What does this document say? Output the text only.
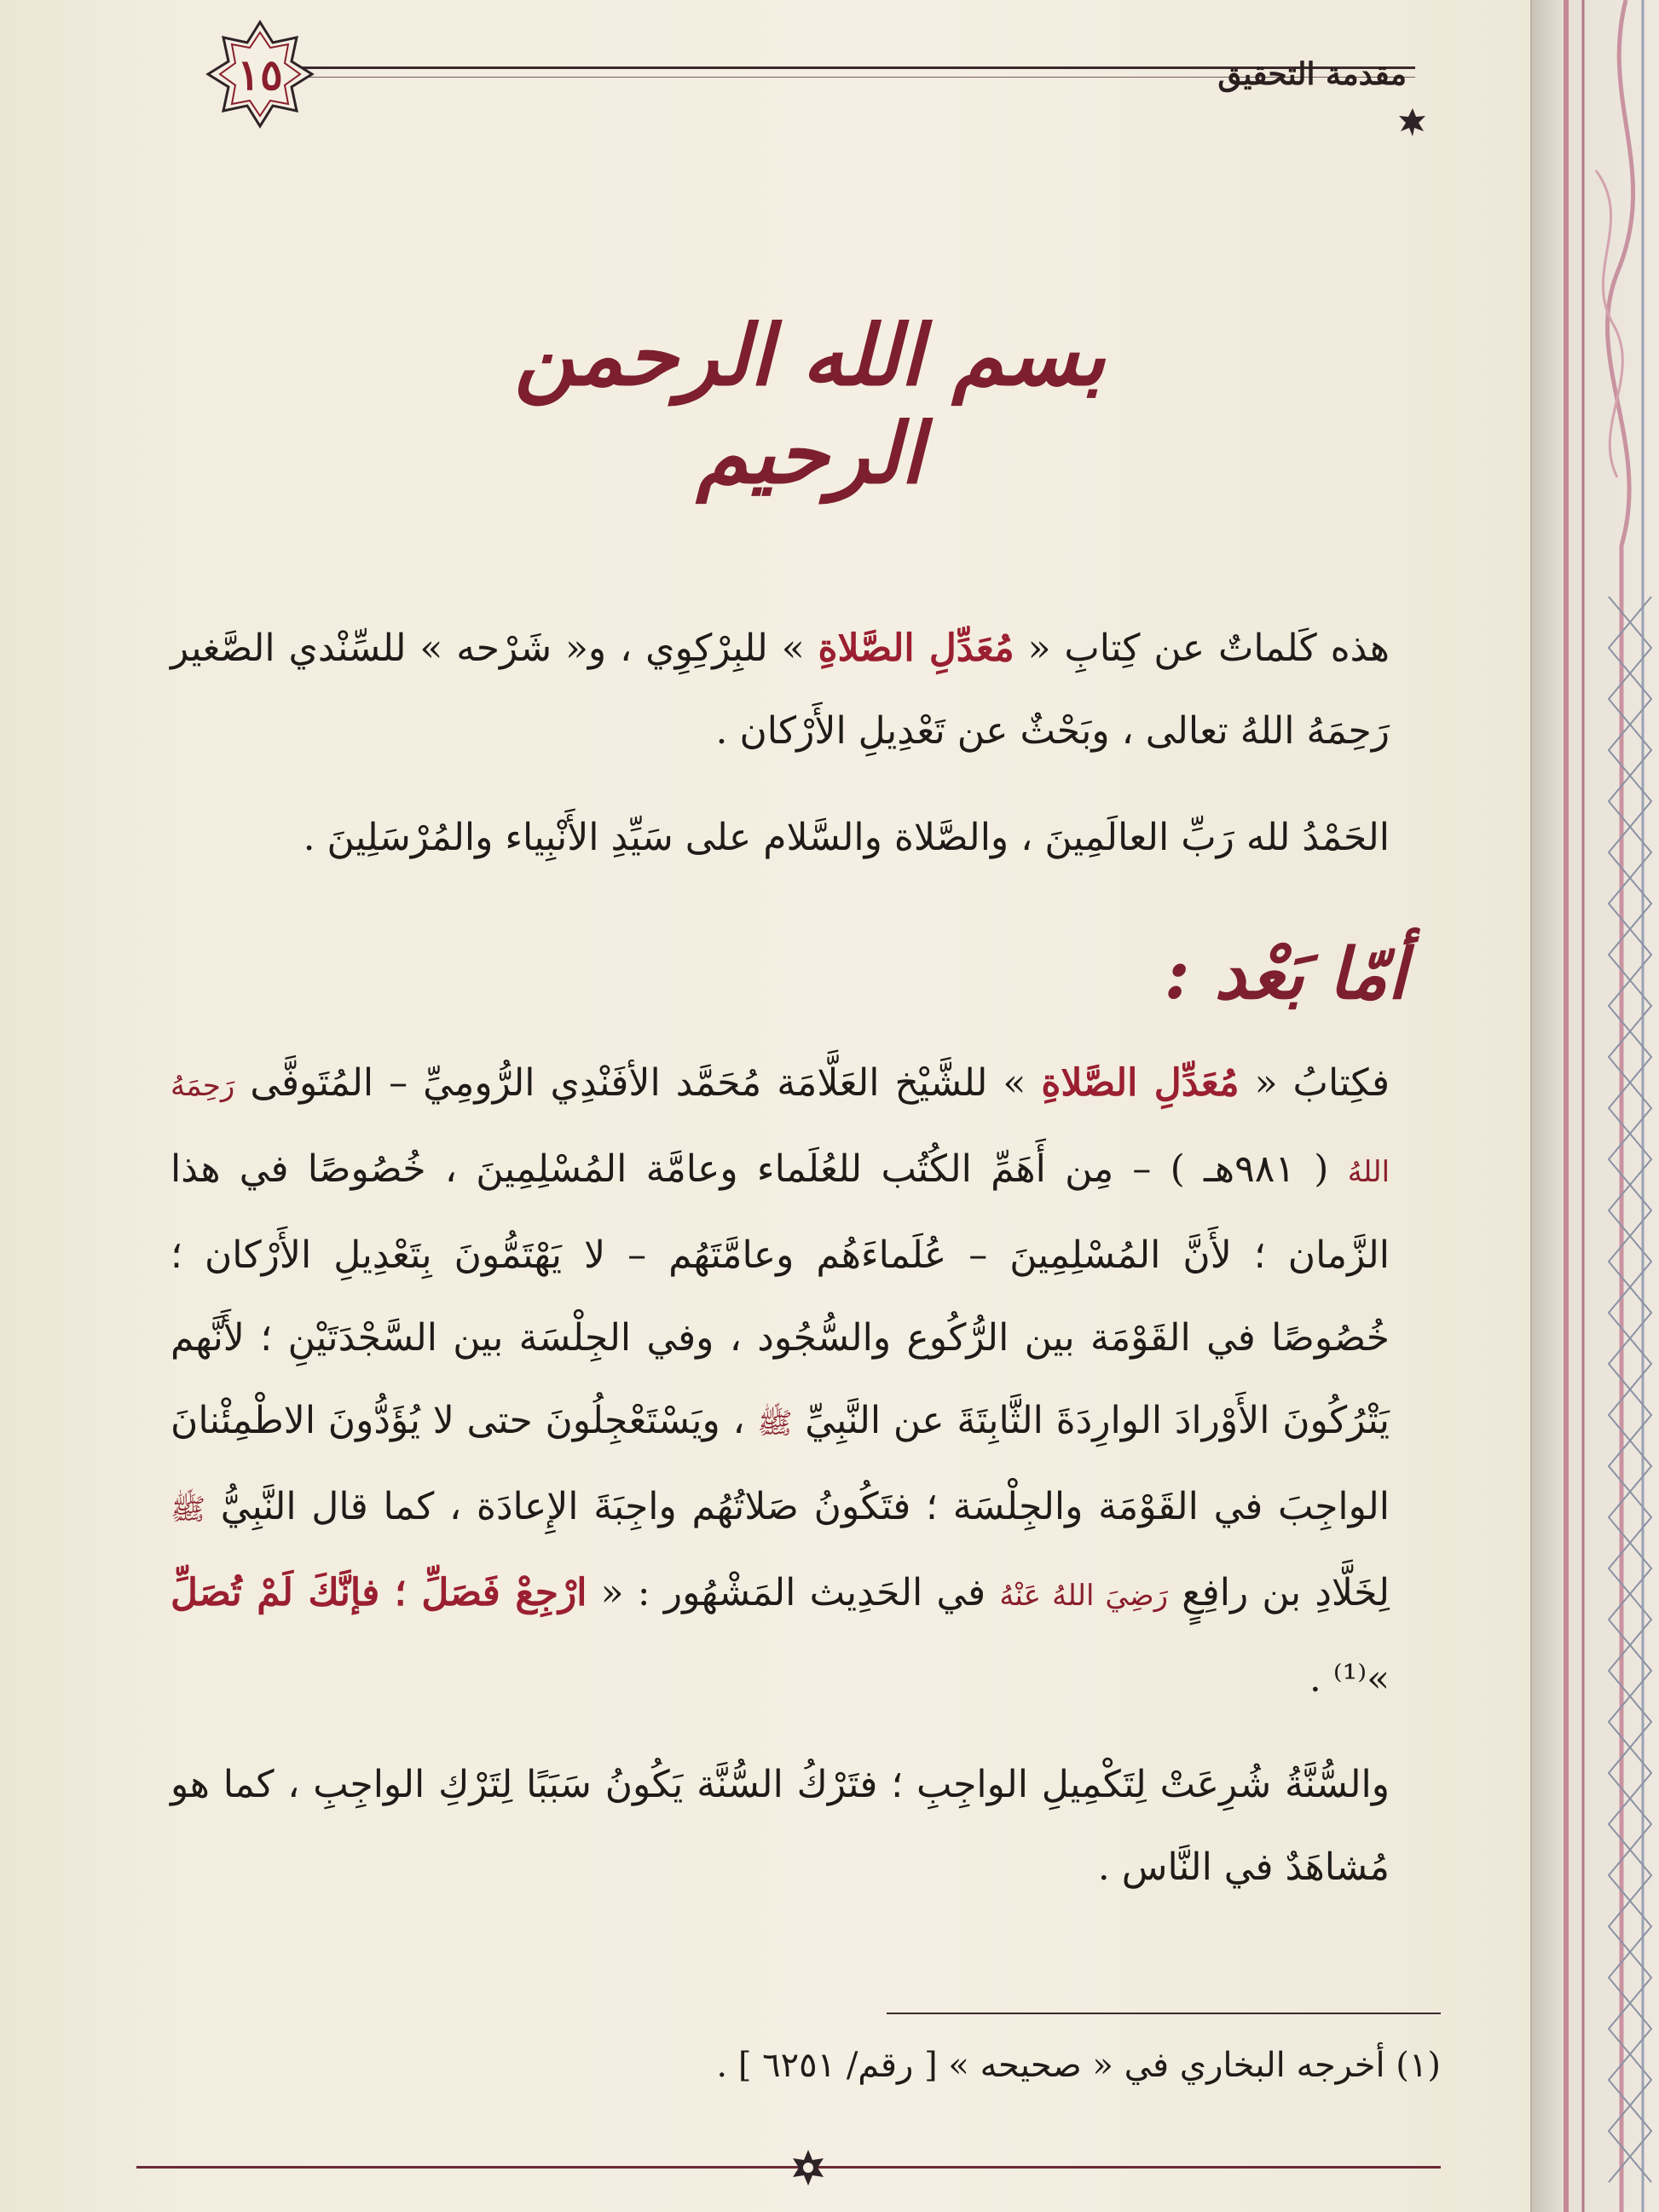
١٥	مقدمة التحقيق
بسم الله الرحمن الرحيم
هذه كَلماتٌ عن كِتابِ « مُعَدِّلِ الصَّلاةِ » للبِرْكِوِي ، و« شَرْحه » للسِّنْدي الصَّغير رَحِمَهُ اللهُ تعالى ، وبَحْثٌ عن تَعْدِيلِ الأَرْكان .
الحَمْدُ لله رَبِّ العالَمِينَ ، والصَّلاة والسَّلام على سَيِّدِ الأَنْبِياء والمُرْسَلِينَ .
أمّا بَعْد :
فكِتابُ « مُعَدِّلِ الصَّلاةِ » للشَّيْخ العَلَّامَة مُحَمَّد الأفَنْدِي الرُّومِيِّ – المُتَوفَّى رَحِمَهُ اللهُ ( ٩٨١هـ ) – مِن أَهَمِّ الكُتُب للعُلَماء وعامَّة المُسْلِمِينَ ، خُصُوصًا في هذا الزَّمان ؛ لأَنَّ المُسْلِمِينَ – عُلَماءَهُم وعامَّتَهُم – لا يَهْتَمُّونَ بِتَعْدِيلِ الأَرْكان ؛ خُصُوصًا في القَوْمَة بين الرُّكُوع والسُّجُود ، وفي الجِلْسَة بين السَّجْدَتَيْنِ ؛ لأَنَّهم يَتْرُكُونَ الأَوْرادَ الوارِدَةَ الثَّابِتَةَ عن النَّبِيِّ ﷺ ، ويَسْتَعْجِلُونَ حتى لا يُؤَدُّونَ الاطْمِئْنانَ الواجِبَ في القَوْمَة والجِلْسَة ؛ فتَكُونُ صَلاتُهُم واجِبَةَ الإِعادَة ، كما قال النَّبِيُّ ﷺ لِخَلَّادِ بن رافِعٍ رَضِيَ اللهُ عَنْهُ في الحَدِيث المَشْهُور : « ارْجِعْ فَصَلِّ ؛ فإنَّكَ لَمْ تُصَلِّ »⁽¹⁾ .
والسُّنَّةُ شُرِعَتْ لِتَكْمِيلِ الواجِبِ ؛ فتَرْكُ السُّنَّة يَكُونُ سَبَبًا لِتَرْكِ الواجِبِ ، كما هو مُشاهَدٌ في النَّاس .
(١) أخرجه البخاري في « صحيحه » [ رقم/ ٦٢٥١ ] .
